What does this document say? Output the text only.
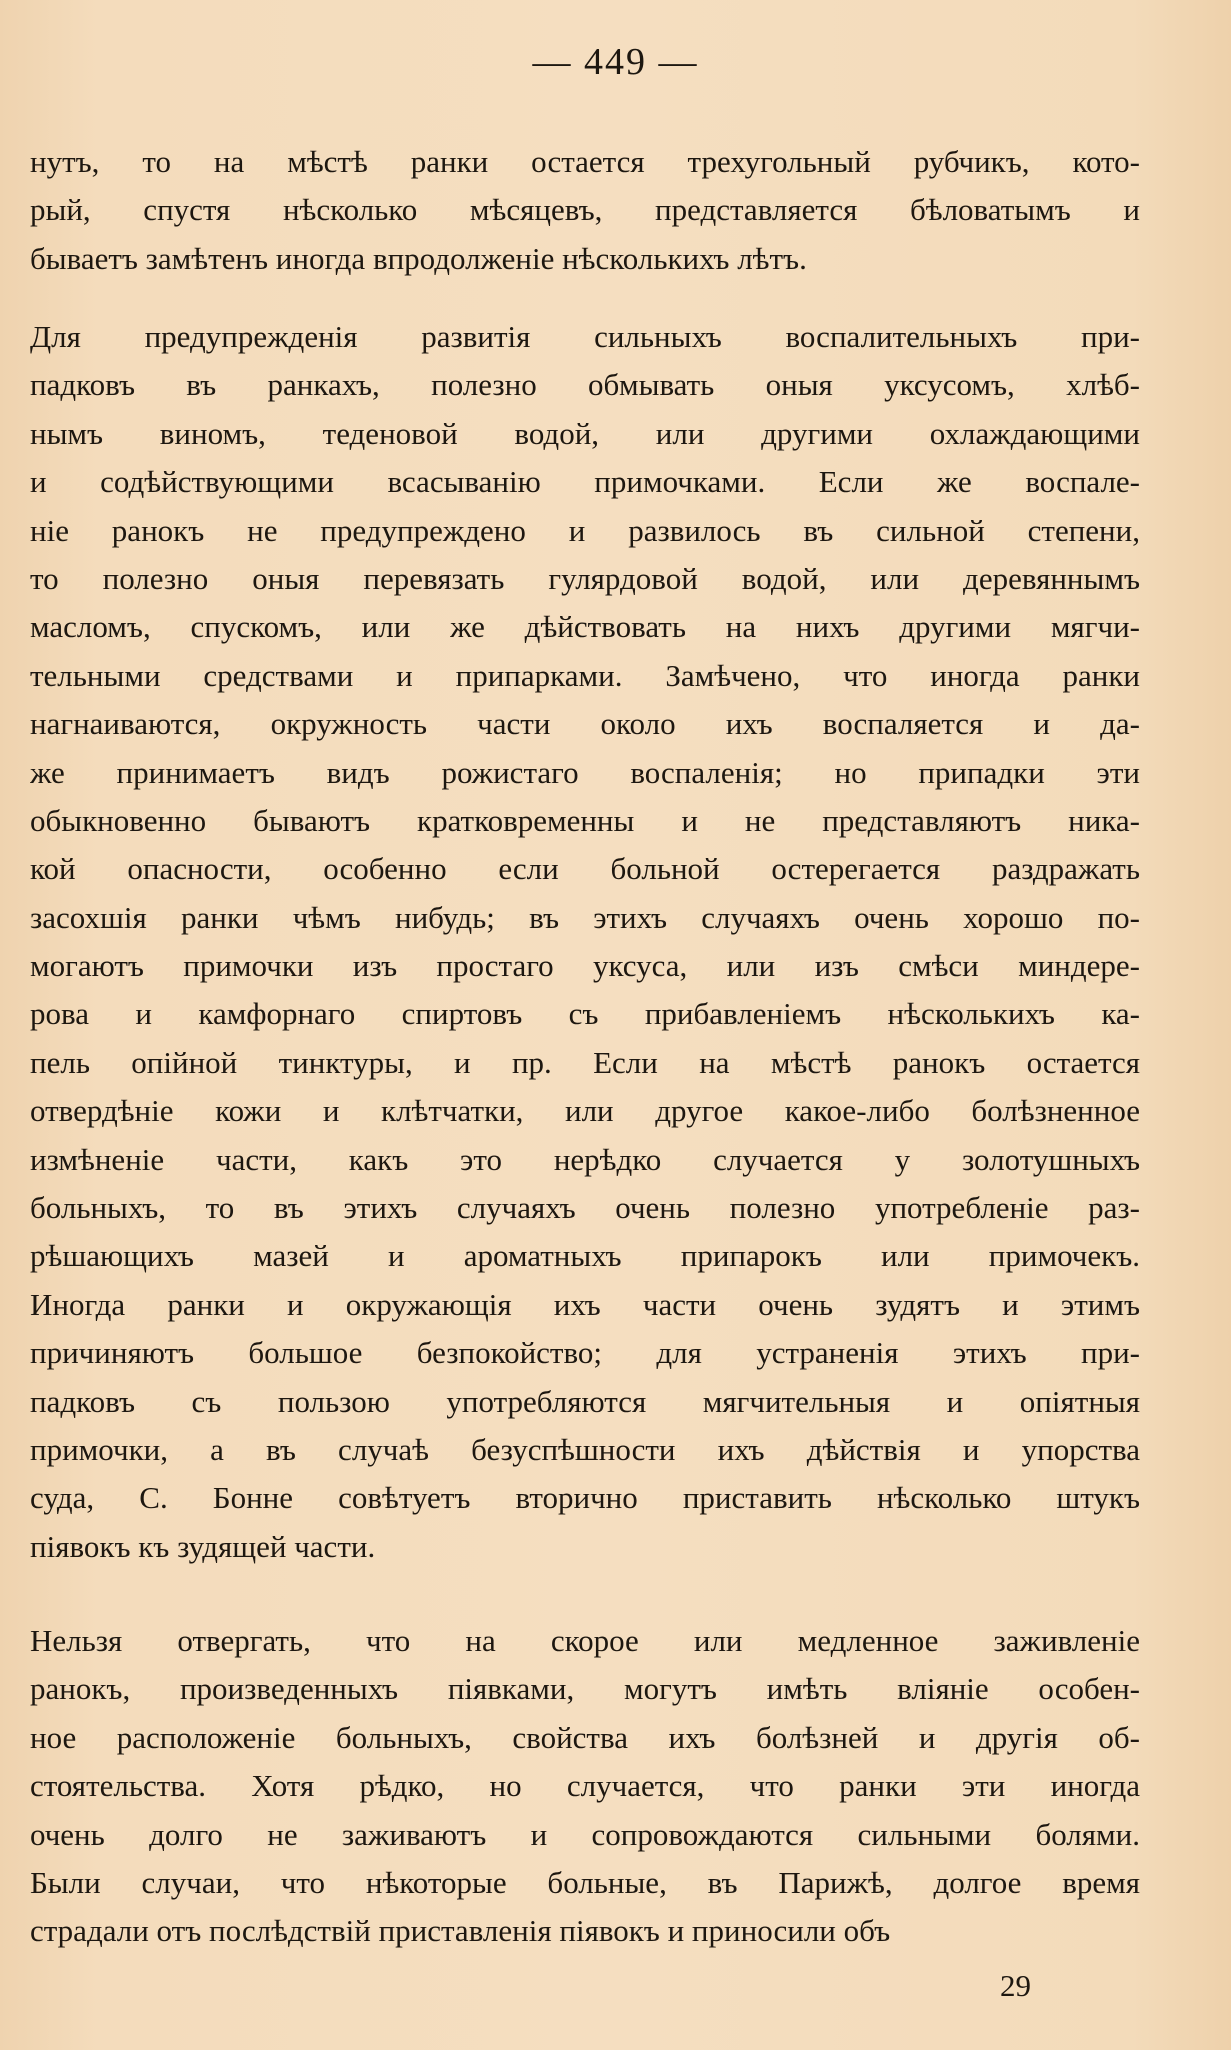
— 449 —
нутъ, то на мѣстѣ ранки остается трехугольный рубчикъ, кото-
рый, спустя нѣсколько мѣсяцевъ, представляется бѣловатымъ и
бываетъ замѣтенъ иногда впродолженіе нѣсколькихъ лѣтъ.
Для предупрежденія развитія сильныхъ воспалительныхъ при-
падковъ въ ранкахъ, полезно обмывать оныя уксусомъ, хлѣб-
нымъ виномъ, теденовой водой, или другими охлаждающими
и содѣйствующими всасыванію примочками. Если же воспале-
ніе ранокъ не предупреждено и развилось въ сильной степени,
то полезно оныя перевязать гулярдовой водой, или деревяннымъ
масломъ, спускомъ, или же дѣйствовать на нихъ другими мягчи-
тельными средствами и припарками. Замѣчено, что иногда ранки
нагнаиваются, окружность части около ихъ воспаляется и да-
же принимаетъ видъ рожистаго воспаленія; но припадки эти
обыкновенно бываютъ кратковременны и не представляютъ ника-
кой опасности, особенно если больной остерегается раздражать
засохшія ранки чѣмъ нибудь; въ этихъ случаяхъ очень хорошо по-
могаютъ примочки изъ простаго уксуса, или изъ смѣси миндере-
рова и камфорнаго спиртовъ съ прибавленіемъ нѣсколькихъ ка-
пель опійной тинктуры, и пр. Если на мѣстѣ ранокъ остается
отвердѣніе кожи и клѣтчатки, или другое какое-либо болѣзненное
измѣненіе части, какъ это нерѣдко случается у золотушныхъ
больныхъ, то въ этихъ случаяхъ очень полезно употребленіе раз-
рѣшающихъ мазей и ароматныхъ припарокъ или примочекъ.
Иногда ранки и окружающія ихъ части очень зудятъ и этимъ
причиняютъ большое безпокойство; для устраненія этихъ при-
падковъ съ пользою употребляются мягчительныя и опіятныя
примочки, а въ случаѣ безуспѣшности ихъ дѣйствія и упорства
суда, С. Бонне совѣтуетъ вторично приставить нѣсколько штукъ
піявокъ къ зудящей части.
Нельзя отвергать, что на скорое или медленное заживленіе
ранокъ, произведенныхъ піявками, могутъ имѣть вліяніе особен-
ное расположеніе больныхъ, свойства ихъ болѣзней и другія об-
стоятельства. Хотя рѣдко, но случается, что ранки эти иногда
очень долго не заживаютъ и сопровождаются сильными болями.
Были случаи, что нѣкоторые больные, въ Парижѣ, долгое время
страдали отъ послѣдствій приставленія піявокъ и приносили объ
29
